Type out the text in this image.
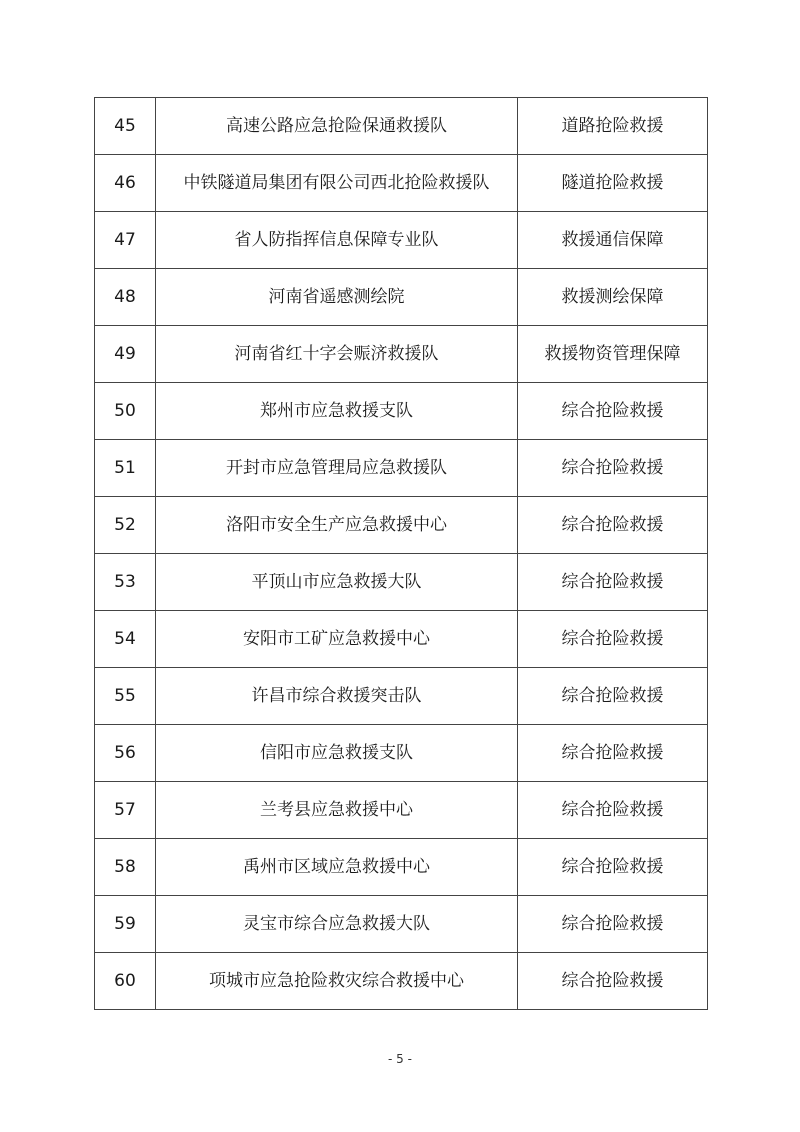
45	高速公路应急抢险保通救援队	道路抢险救援
46	中铁隧道局集团有限公司西北抢险救援队	隧道抢险救援
47	省人防指挥信息保障专业队	救援通信保障
48	河南省遥感测绘院	救援测绘保障
49	河南省红十字会赈济救援队	救援物资管理保障
50	郑州市应急救援支队	综合抢险救援
51	开封市应急管理局应急救援队	综合抢险救援
52	洛阳市安全生产应急救援中心	综合抢险救援
53	平顶山市应急救援大队	综合抢险救援
54	安阳市工矿应急救援中心	综合抢险救援
55	许昌市综合救援突击队	综合抢险救援
56	信阳市应急救援支队	综合抢险救援
57	兰考县应急救援中心	综合抢险救援
58	禹州市区域应急救援中心	综合抢险救援
59	灵宝市综合应急救援大队	综合抢险救援
60	项城市应急抢险救灾综合救援中心	综合抢险救援
- 5 -
